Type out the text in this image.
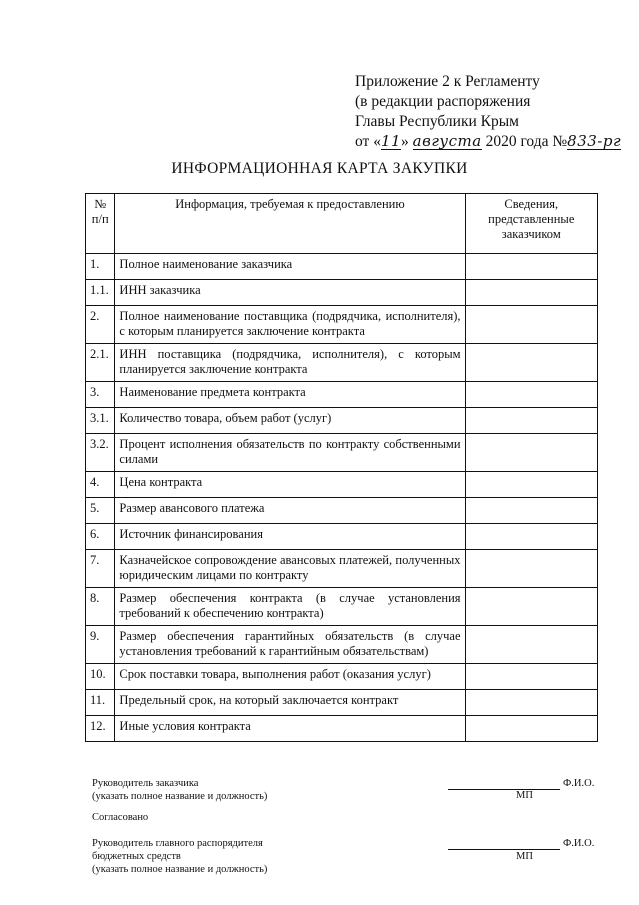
Приложение 2 к Регламенту
(в редакции распоряжения
Главы Республики Крым
от «11» августа 2020 года №833-рг
ИНФОРМАЦИОННАЯ КАРТА ЗАКУПКИ
№ п/п	Информация, требуемая к предоставлению	Сведения, представленные заказчиком
1.	Полное наименование заказчика	
1.1.	ИНН заказчика	
2.	Полное наименование поставщика (подрядчика, исполнителя), с которым планируется заключение контракта	
2.1.	ИНН поставщика (подрядчика, исполнителя), с которым планируется заключение контракта	
3.	Наименование предмета контракта	
3.1.	Количество товара, объем работ (услуг)	
3.2.	Процент исполнения обязательств по контракту собственными силами	
4.	Цена контракта	
5.	Размер авансового платежа	
6.	Источник финансирования	
7.	Казначейское сопровождение авансовых платежей, полученных юридическим лицами по контракту	
8.	Размер обеспечения контракта (в случае установления требований к обеспечению контракта)	
9.	Размер обеспечения гарантийных обязательств (в случае установления требований к гарантийным обязательствам)	
10.	Срок поставки товара, выполнения работ (оказания услуг)	
11.	Предельный срок, на который заключается контракт	
12.	Иные условия контракта	
Руководитель заказчика
(указать полное название и должность)
Ф.И.О.
МП
Согласовано
Руководитель главного распорядителя
бюджетных средств
(указать полное название и должность)
Ф.И.О.
МП
